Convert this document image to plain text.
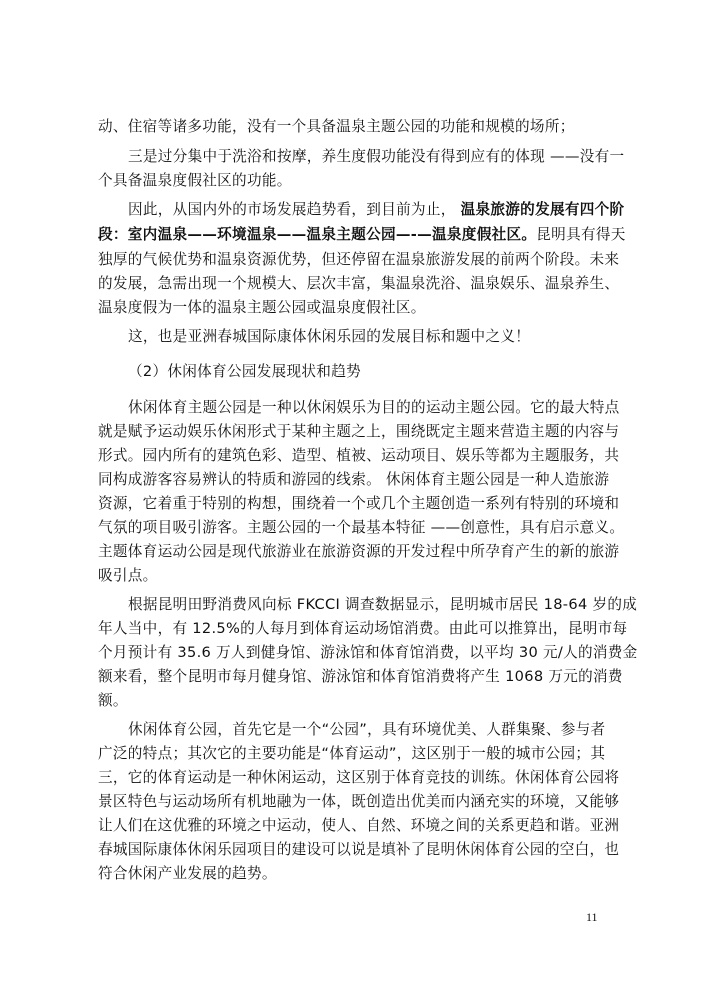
动、住宿等诸多功能，没有一个具备温泉主题公园的功能和规模的场所；
三是过分集中于洗浴和按摩，养生度假功能没有得到应有的体现 ——没有一
个具备温泉度假社区的功能。
因此，从国内外的市场发展趋势看，到目前为止， 温泉旅游的发展有四个阶
段：室内温泉——环境温泉——温泉主题公园—-—温泉度假社区。昆明具有得天
独厚的气候优势和温泉资源优势，但还停留在温泉旅游发展的前两个阶段。未来
的发展，急需出现一个规模大、层次丰富，集温泉洗浴、温泉娱乐、温泉养生、
温泉度假为一体的温泉主题公园或温泉度假社区。
这，也是亚洲春城国际康体休闲乐园的发展目标和题中之义！
（2）休闲体育公园发展现状和趋势
休闲体育主题公园是一种以休闲娱乐为目的的运动主题公园。它的最大特点
就是赋予运动娱乐休闲形式于某种主题之上，围绕既定主题来营造主题的内容与
形式。园内所有的建筑色彩、造型、植被、运动项目、娱乐等都为主题服务，共
同构成游客容易辨认的特质和游园的线索。 休闲体育主题公园是一种人造旅游
资源，它着重于特别的构想，围绕着一个或几个主题创造一系列有特别的环境和
气氛的项目吸引游客。主题公园的一个最基本特征 ——创意性，具有启示意义。
主题体育运动公园是现代旅游业在旅游资源的开发过程中所孕育产生的新的旅游
吸引点。
根据昆明田野消费风向标 FKCCI 调查数据显示，昆明城市居民 18-64 岁的成
年人当中，有 12.5%的人每月到体育运动场馆消费。由此可以推算出，昆明市每
个月预计有 35.6 万人到健身馆、游泳馆和体育馆消费，以平均 30 元/人的消费金
额来看，整个昆明市每月健身馆、游泳馆和体育馆消费将产生 1068 万元的消费
额。
休闲体育公园，首先它是一个“公园”，具有环境优美、人群集聚、参与者
广泛的特点；其次它的主要功能是“体育运动”，这区别于一般的城市公园；其
三，它的体育运动是一种休闲运动，这区别于体育竞技的训练。休闲体育公园将
景区特色与运动场所有机地融为一体，既创造出优美而内涵充实的环境，又能够
让人们在这优雅的环境之中运动，使人、自然、环境之间的关系更趋和谐。亚洲
春城国际康体休闲乐园项目的建设可以说是填补了昆明休闲体育公园的空白，也
符合休闲产业发展的趋势。
11
